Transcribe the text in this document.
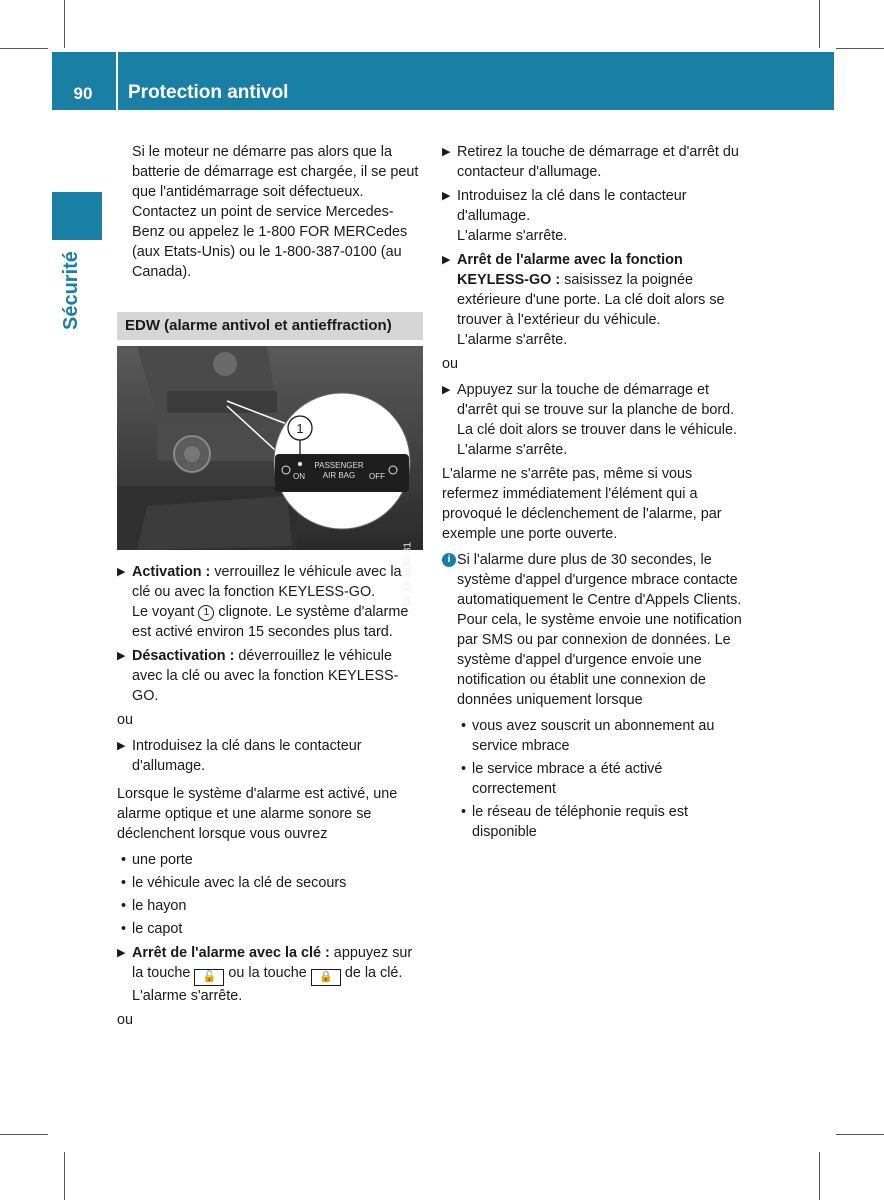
90	Protection antivol
Sécurité

Si le moteur ne démarre pas alors que la batterie de démarrage est chargée, il se peut que l'antidémarrage soit défectueux. Contactez un point de service Mercedes-Benz ou appelez le 1-800 FOR MERCedes (aux Etats-Unis) ou le 1-800-387-0100 (au Canada).

EDW (alarme antivol et antieffraction)
1
PASSENGER
AIR BAG
ON	OFF
P54.33-3834-31
▶ Activation : verrouillez le véhicule avec la clé ou avec la fonction KEYLESS-GO.
Le voyant 1 clignote. Le système d'alarme est activé environ 15 secondes plus tard.
▶ Désactivation : déverrouillez le véhicule avec la clé ou avec la fonction KEYLESS-GO.

ou

▶ Introduisez la clé dans le contacteur d'allumage.

Lorsque le système d'alarme est activé, une alarme optique et une alarme sonore se déclenchent lorsque vous ouvrez

• une porte
• le véhicule avec la clé de secours
• le hayon
• le capot
▶ Arrêt de l'alarme avec la clé : appuyez sur la touche 🔓 ou la touche 🔒 de la clé.
L'alarme s'arrête.

ou

▶ Retirez la touche de démarrage et d'arrêt du contacteur d'allumage.
▶ Introduisez la clé dans le contacteur d'allumage.
L'alarme s'arrête.
▶ Arrêt de l'alarme avec la fonction KEYLESS-GO : saisissez la poignée extérieure d'une porte. La clé doit alors se trouver à l'extérieur du véhicule.
L'alarme s'arrête.

ou

▶ Appuyez sur la touche de démarrage et d'arrêt qui se trouve sur la planche de bord. La clé doit alors se trouver dans le véhicule.
L'alarme s'arrête.

L'alarme ne s'arrête pas, même si vous refermez immédiatement l'élément qui a provoqué le déclenchement de l'alarme, par exemple une porte ouverte.

i Si l'alarme dure plus de 30 secondes, le système d'appel d'urgence mbrace contacte automatiquement le Centre d'Appels Clients. Pour cela, le système envoie une notification par SMS ou par connexion de données. Le système d'appel d'urgence envoie une notification ou établit une connexion de données uniquement lorsque
• vous avez souscrit un abonnement au service mbrace
• le service mbrace a été activé correctement
• le réseau de téléphonie requis est disponible
